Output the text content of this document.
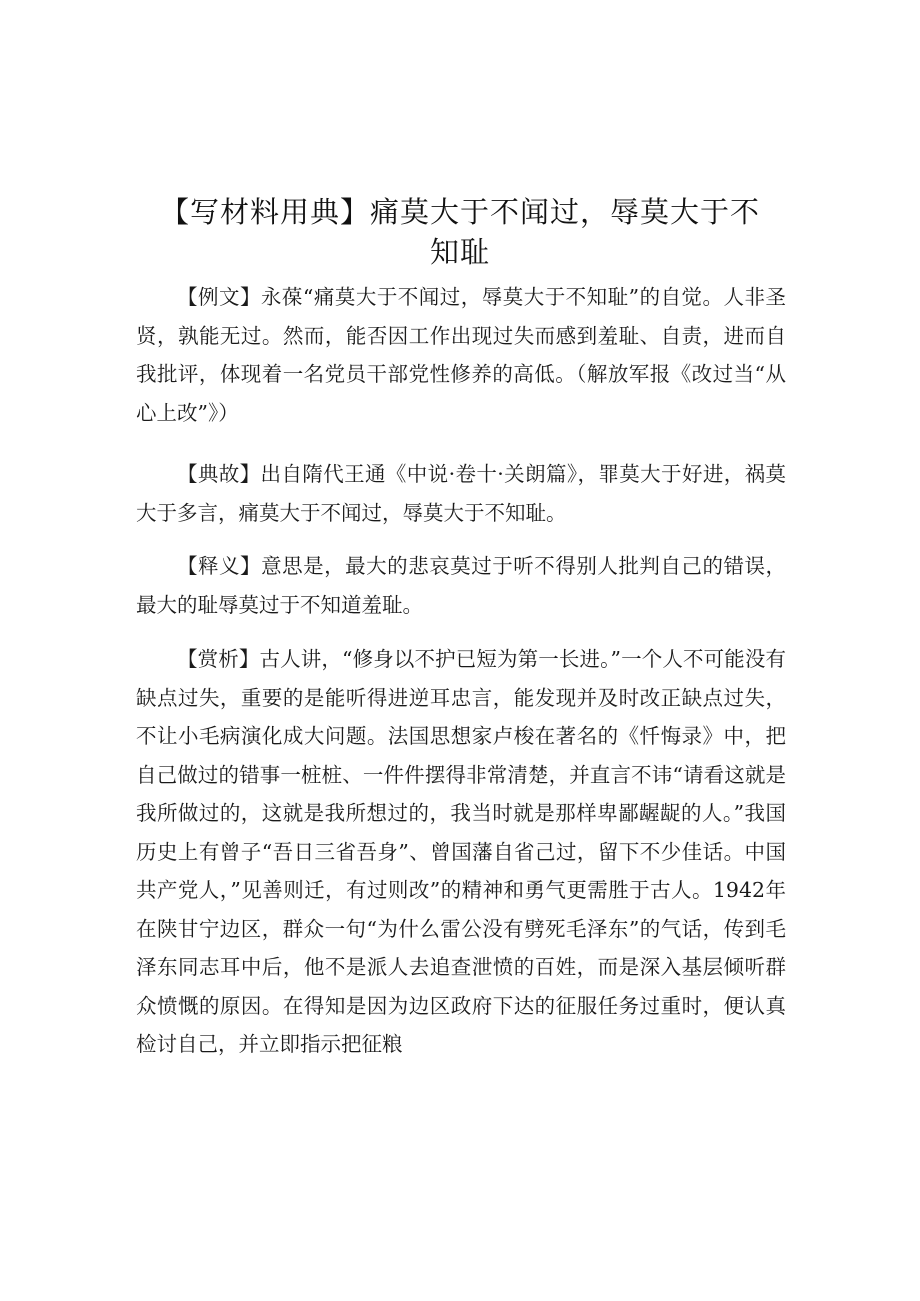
【写材料用典】痛莫大于不闻过，辱莫大于不知耻

【例文】永葆“痛莫大于不闻过，辱莫大于不知耻”的自觉。人非圣贤，孰能无过。然而，能否因工作出现过失而感到羞耻、自责，进而自我批评，体现着一名党员干部党性修养的高低。（解放军报《改过当“从心上改”》）

【典故】出自隋代王通《中说·卷十·关朗篇》，罪莫大于好进，祸莫大于多言，痛莫大于不闻过，辱莫大于不知耻。

【释义】意思是，最大的悲哀莫过于听不得别人批判自己的错误，最大的耻辱莫过于不知道羞耻。

【赏析】古人讲，“修身以不护已短为第一长进。”一个人不可能没有缺点过失，重要的是能听得进逆耳忠言，能发现并及时改正缺点过失，不让小毛病演化成大问题。法国思想家卢梭在著名的《忏悔录》中，把自己做过的错事一桩桩、一件件摆得非常清楚，并直言不讳“请看这就是我所做过的，这就是我所想过的，我当时就是那样卑鄙龌龊的人。”我国历史上有曾子“吾日三省吾身”、曾国藩自省己过，留下不少佳话。中国共产党人，”见善则迁，有过则改”的精神和勇气更需胜于古人。1942年在陕甘宁边区，群众一句“为什么雷公没有劈死毛泽东”的气话，传到毛泽东同志耳中后，他不是派人去追查泄愤的百姓，而是深入基层倾听群众愤慨的原因。在得知是因为边区政府下达的征服任务过重时，便认真检讨自己，并立即指示把征粮
